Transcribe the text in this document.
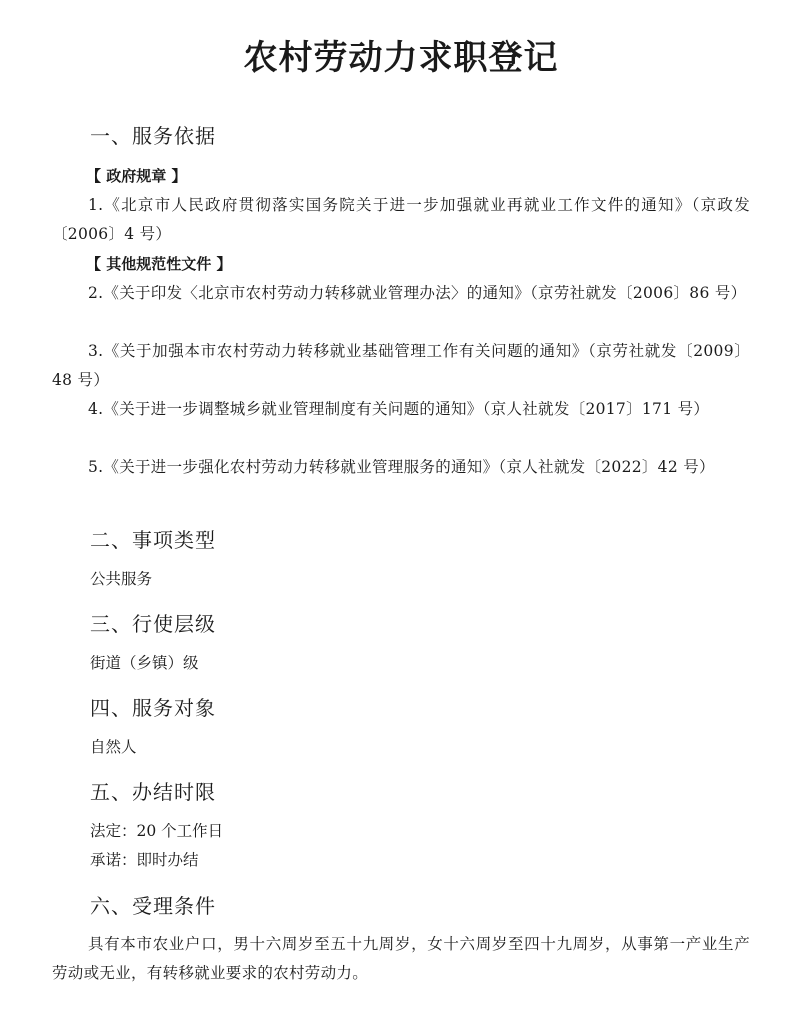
农村劳动力求职登记
一、服务依据
【 政府规章 】

1.《北京市人民政府贯彻落实国务院关于进一步加强就业再就业工作文件的通知》（京政发〔2006〕4 号）

【 其他规范性文件 】

2.《关于印发〈北京市农村劳动力转移就业管理办法〉的通知》（京劳社就发〔2006〕86 号）

3.《关于加强本市农村劳动力转移就业基础管理工作有关问题的通知》（京劳社就发〔2009〕48 号）

4.《关于进一步调整城乡就业管理制度有关问题的通知》（京人社就发〔2017〕171 号）

5.《关于进一步强化农村劳动力转移就业管理服务的通知》（京人社就发〔2022〕42 号）

二、事项类型
公共服务
三、行使层级
街道（乡镇）级
四、服务对象
自然人
五、办结时限
法定：20 个工作日
承诺：即时办结
六、受理条件

具有本市农业户口，男十六周岁至五十九周岁，女十六周岁至四十九周岁，从事第一产业生产劳动或无业，有转移就业要求的农村劳动力。
